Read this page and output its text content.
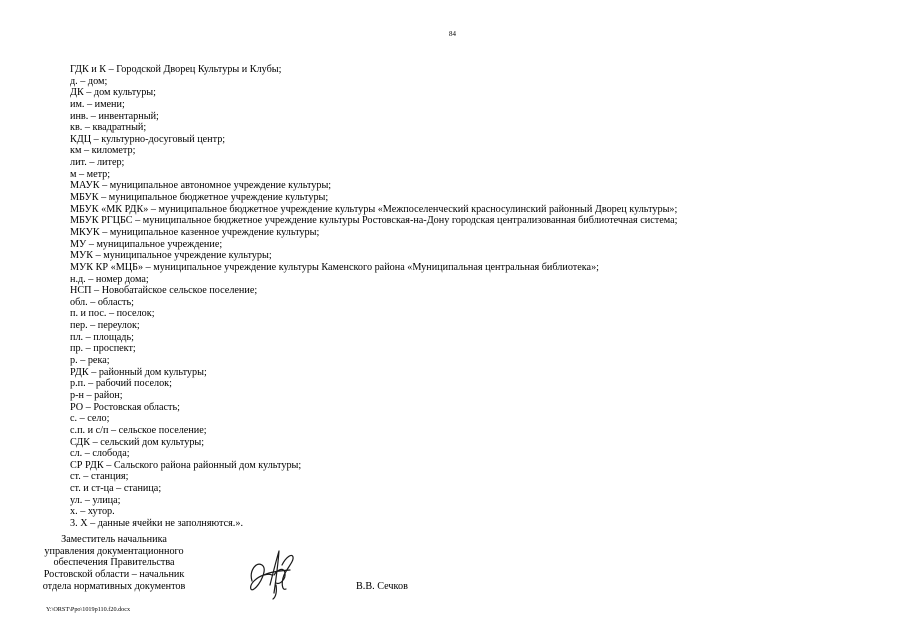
84
ГДК и К – Городской Дворец Культуры и Клубы;
д. – дом;
ДК – дом культуры;
им. – имени;
инв. – инвентарный;
кв. – квадратный;
КДЦ – культурно-досуговый центр;
км – километр;
лит. – литер;
м – метр;
МАУК – муниципальное автономное учреждение культуры;
МБУК – муниципальное бюджетное учреждение культуры;
МБУК «МК РДК» – муниципальное бюджетное учреждение культуры «Межпоселенческий красносулинский районный Дворец культуры»;
МБУК РГЦБС – муниципальное бюджетное учреждение культуры Ростовская-на-Дону городская централизованная библиотечная система;
МКУК – муниципальное казенное учреждение культуры;
МУ – муниципальное учреждение;
МУК – муниципальное учреждение культуры;
МУК КР «МЦБ» – муниципальное учреждение культуры Каменского района «Муниципальная центральная библиотека»;
н.д. – номер дома;
НСП – Новобатайское сельское поселение;
обл. – область;
п. и пос. – поселок;
пер. – переулок;
пл. – площадь;
пр. – проспект;
р. – река;
РДК – районный дом культуры;
р.п. – рабочий поселок;
р-н – район;
РО – Ростовская область;
с. – село;
с.п. и с/п – сельское поселение;
СДК – сельский дом культуры;
сл. – слобода;
СР РДК – Сальского района районный дом культуры;
ст. – станция;
ст. и ст-ца – станица;
ул. – улица;
х. – хутор.
3. Х – данные ячейки не заполняются.».
Заместитель начальника
управления документационного
обеспечения Правительства
Ростовской области – начальник
отдела нормативных документов	В.В. Сечков
Y:\ORST\Ppo\1019p110.f20.docx
